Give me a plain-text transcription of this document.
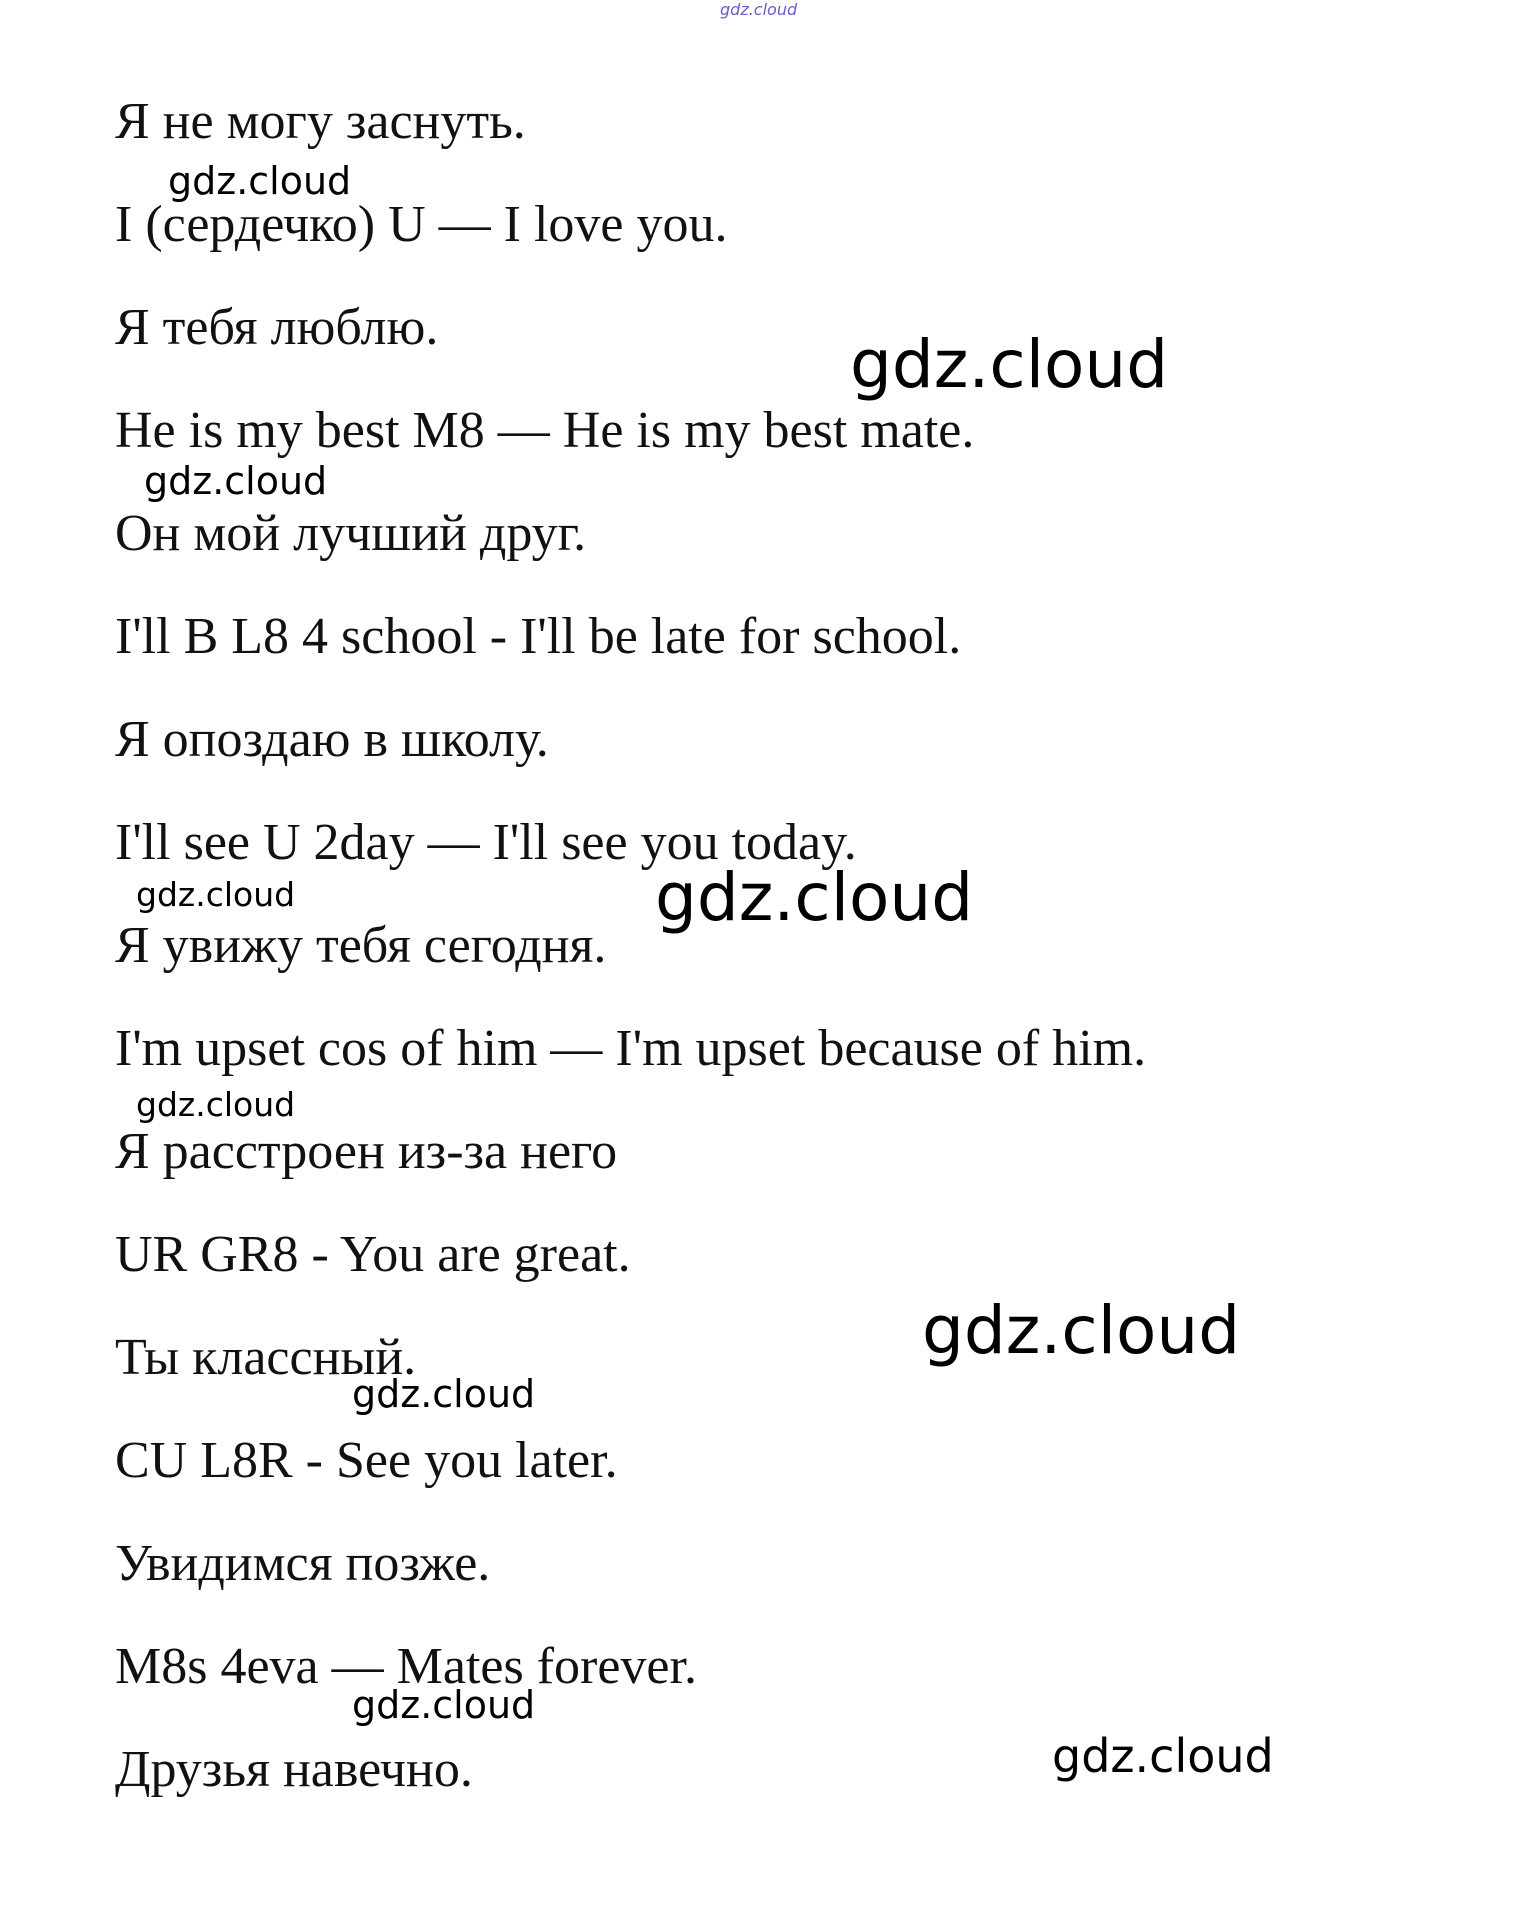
gdz.cloud
Я не могу заснуть.
I (сердечко) U — I love you.
Я тебя люблю.
He is my best M8 — He is my best mate.
Он мой лучший друг.
I'll B L8 4 school - I'll be late for school.
Я опоздаю в школу.
I'll see U 2day — I'll see you today.
Я увижу тебя сегодня.
I'm upset cos of him — I'm upset because of him.
Я расстроен из-за него
UR GR8 - You are great.
Ты классный.
CU L8R - See you later.
Увидимся позже.
M8s 4eva — Mates forever.
Друзья навечно.
gdz.cloud
gdz.cloud
gdz.cloud
gdz.cloud	gdz.cloud
gdz.cloud
gdz.cloud
gdz.cloud
gdz.cloud
gdz.cloud
